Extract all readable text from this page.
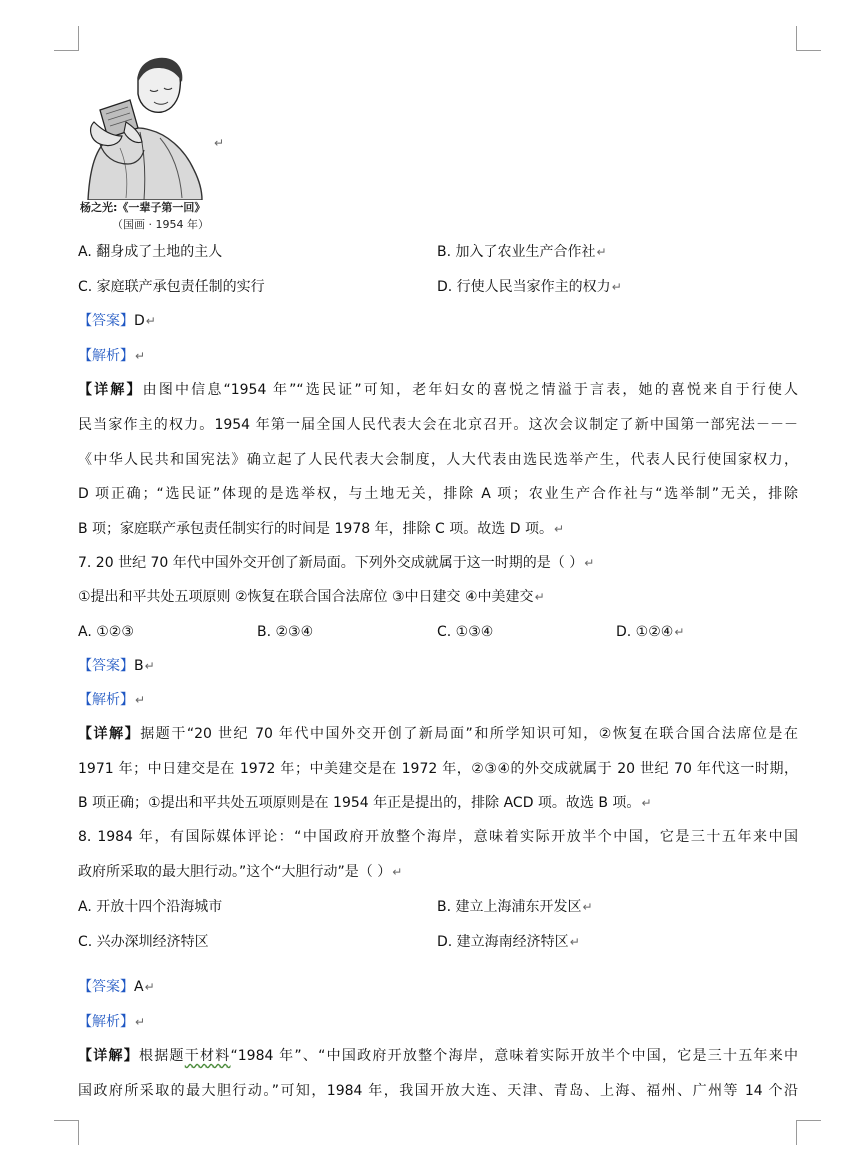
杨之光:《一辈子第一回》
（国画 · 1954 年）
↵
A. 翻身成了土地的主人	B. 加入了农业生产合作社↵
C. 家庭联产承包责任制的实行	D. 行使人民当家作主的权力↵
【答案】D↵
【解析】↵
【详解】由图中信息“1954 年”“选民证”可知，老年妇女的喜悦之情溢于言表，她的喜悦来自于行使人
民当家作主的权力。1954 年第一届全国人民代表大会在北京召开。这次会议制定了新中国第一部宪法－－－
《中华人民共和国宪法》确立起了人民代表大会制度，人大代表由选民选举产生，代表人民行使国家权力，
D 项正确；“选民证”体现的是选举权，与土地无关，排除 A 项；农业生产合作社与“选举制”无关，排除
B 项；家庭联产承包责任制实行的时间是 1978 年，排除 C 项。故选 D 项。↵
7. 20 世纪 70 年代中国外交开创了新局面。下列外交成就属于这一时期的是（ ）↵
①提出和平共处五项原则 ②恢复在联合国合法席位 ③中日建交 ④中美建交↵
A. ①②③	B. ②③④	C. ①③④	D. ①②④↵
【答案】B↵
【解析】↵
【详解】据题干“20 世纪 70 年代中国外交开创了新局面”和所学知识可知，②恢复在联合国合法席位是在
1971 年；中日建交是在 1972 年；中美建交是在 1972 年，②③④的外交成就属于 20 世纪 70 年代这一时期，
B 项正确；①提出和平共处五项原则是在 1954 年正是提出的，排除 ACD 项。故选 B 项。↵
8. 1984 年，有国际媒体评论：“中国政府开放整个海岸，意味着实际开放半个中国，它是三十五年来中国
政府所采取的最大胆行动。”这个“大胆行动”是（ ）↵
A. 开放十四个沿海城市	B. 建立上海浦东开发区↵
C. 兴办深圳经济特区	D. 建立海南经济特区↵
【答案】A↵
【解析】↵
【详解】根据题干材料“1984 年”、“中国政府开放整个海岸，意味着实际开放半个中国，它是三十五年来中
国政府所采取的最大胆行动。”可知，1984 年，我国开放大连、天津、青岛、上海、福州、广州等 14 个沿
